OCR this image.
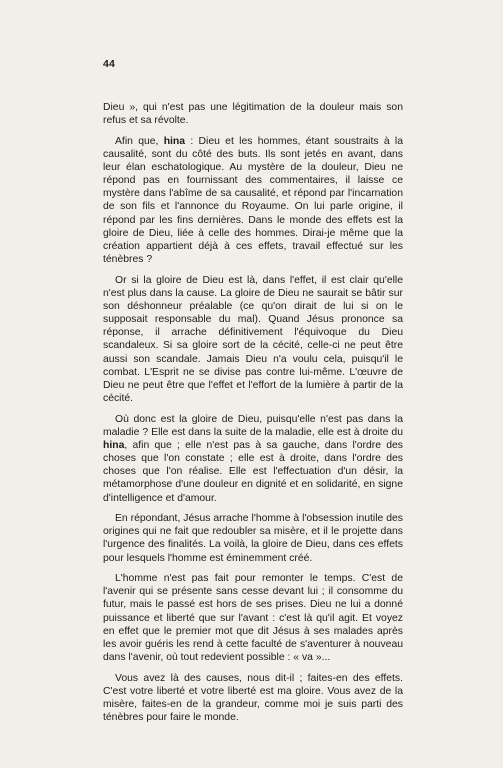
44

Dieu », qui n'est pas une légitimation de la douleur mais son refus et sa révolte.

Afin que, hina : Dieu et les hommes, étant soustraits à la causalité, sont du côté des buts. Ils sont jetés en avant, dans leur élan eschatologique. Au mystère de la douleur, Dieu ne répond pas en fournissant des commentaires, il laisse ce mystère dans l'abîme de sa causalité, et répond par l'incarnation de son fils et l'annonce du Royaume. On lui parle origine, il répond par les fins dernières. Dans le monde des effets est la gloire de Dieu, liée à celle des hommes. Dirai-je même que la création appartient déjà à ces effets, travail effectué sur les ténèbres ?

Or si la gloire de Dieu est là, dans l'effet, il est clair qu'elle n'est plus dans la cause. La gloire de Dieu ne saurait se bâtir sur son déshonneur préalable (ce qu'on dirait de lui si on le supposait responsable du mal). Quand Jésus prononce sa réponse, il arrache définitivement l'équivoque du Dieu scandaleux. Si sa gloire sort de la cécité, celle-ci ne peut être aussi son scandale. Jamais Dieu n'a voulu cela, puisqu'il le combat. L'Esprit ne se divise pas contre lui-même. L'œuvre de Dieu ne peut être que l'effet et l'effort de la lumière à partir de la cécité.

Où donc est la gloire de Dieu, puisqu'elle n'est pas dans la maladie ? Elle est dans la suite de la maladie, elle est à droite du hina, afin que ; elle n'est pas à sa gauche, dans l'ordre des choses que l'on constate ; elle est à droite, dans l'ordre des choses que l'on réalise. Elle est l'effectuation d'un désir, la métamorphose d'une douleur en dignité et en solidarité, en signe d'intelligence et d'amour.

En répondant, Jésus arrache l'homme à l'obsession inutile des origines qui ne fait que redoubler sa misère, et il le projette dans l'urgence des finalités. La voilà, la gloire de Dieu, dans ces effets pour lesquels l'homme est éminemment créé.

L'homme n'est pas fait pour remonter le temps. C'est de l'avenir qui se présente sans cesse devant lui ; il consomme du futur, mais le passé est hors de ses prises. Dieu ne lui a donné puissance et liberté que sur l'avant : c'est là qu'il agit. Et voyez en effet que le premier mot que dit Jésus à ses malades après les avoir guéris les rend à cette faculté de s'aventurer à nouveau dans l'avenir, où tout redevient possible : « va »...

Vous avez là des causes, nous dit-il ; faites-en des effets. C'est votre liberté et votre liberté est ma gloire. Vous avez de la misère, faites-en de la grandeur, comme moi je suis parti des ténèbres pour faire le monde.
